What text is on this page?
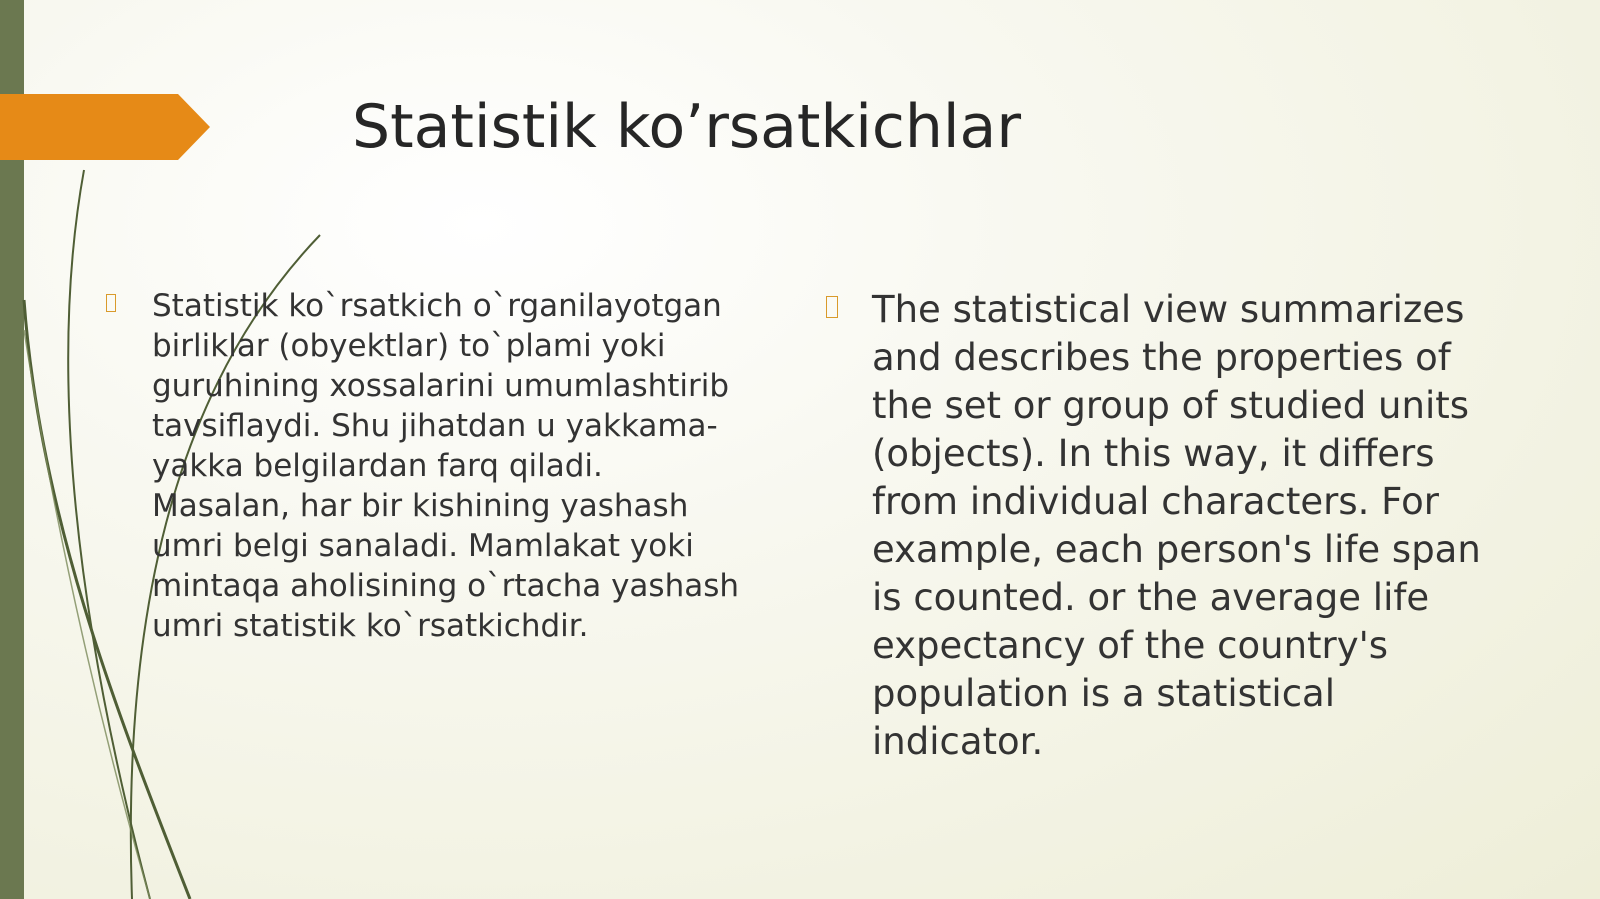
Statistik ko’rsatkichlar

Statistik ko`rsatkich o`rganilayotgan birliklar (obyektlar) to`plami yoki guruhining xossalarini umumlashtirib tavsiflaydi. Shu jihatdan u yakkama-yakka belgilardan farq qiladi. Masalan, har bir kishining yashash umri belgi sanaladi. Mamlakat yoki mintaqa aholisining o`rtacha yashash umri statistik ko`rsatkichdir.

The statistical view summarizes and describes the properties of the set or group of studied units (objects). In this way, it differs from individual characters. For example, each person's life span is counted. or the average life expectancy of the country's population is a statistical indicator.
